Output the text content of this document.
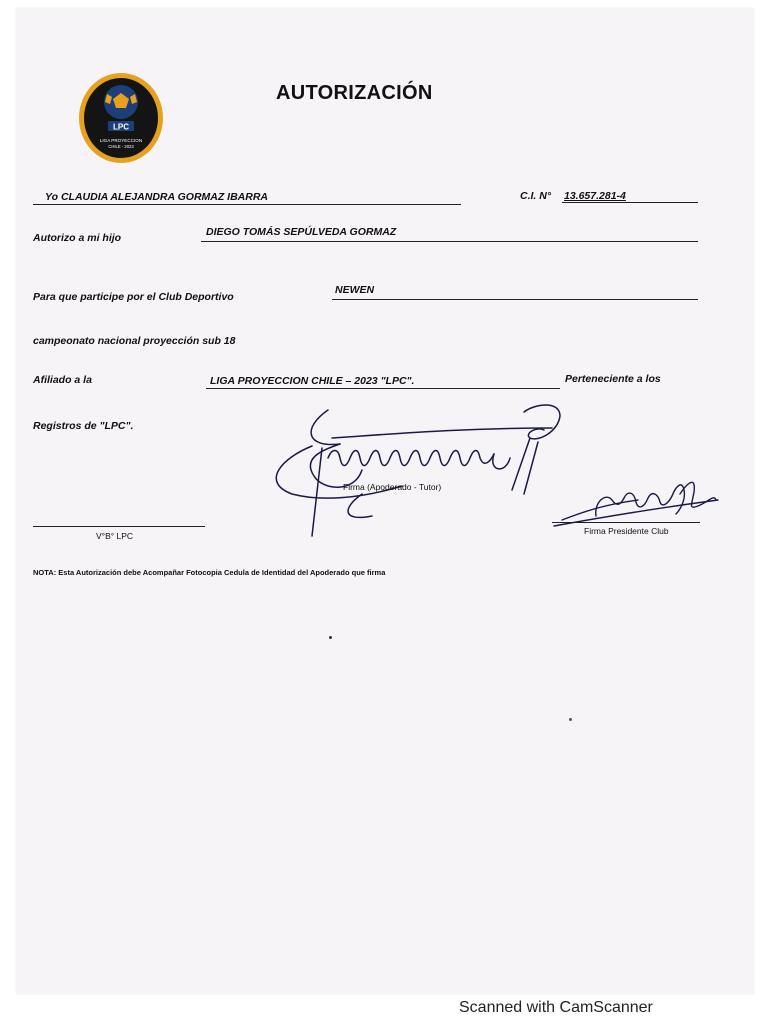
LPC
LIGA PROYECCION
CHILE - 2023
AUTORIZACIÓN
Yo CLAUDIA ALEJANDRA GORMAZ IBARRA	C.I. N° 13.657.281-4
Autorizo a mi hijo	DIEGO TOMÁS SEPÚLVEDA GORMAZ
Para que participe por el Club Deportivo
NEWEN
campeonato nacional proyección sub 18
Afiliado a la	LIGA PROYECCION CHILE – 2023 "LPC".	Perteneciente a los
Registros de "LPC".
Firma (Apoderado - Tutor)
V°B° LPC	Firma Presidente Club
NOTA: Esta Autorización debe Acompañar Fotocopia Cedula de Identidad del Apoderado que firma
Scanned with CamScanner
